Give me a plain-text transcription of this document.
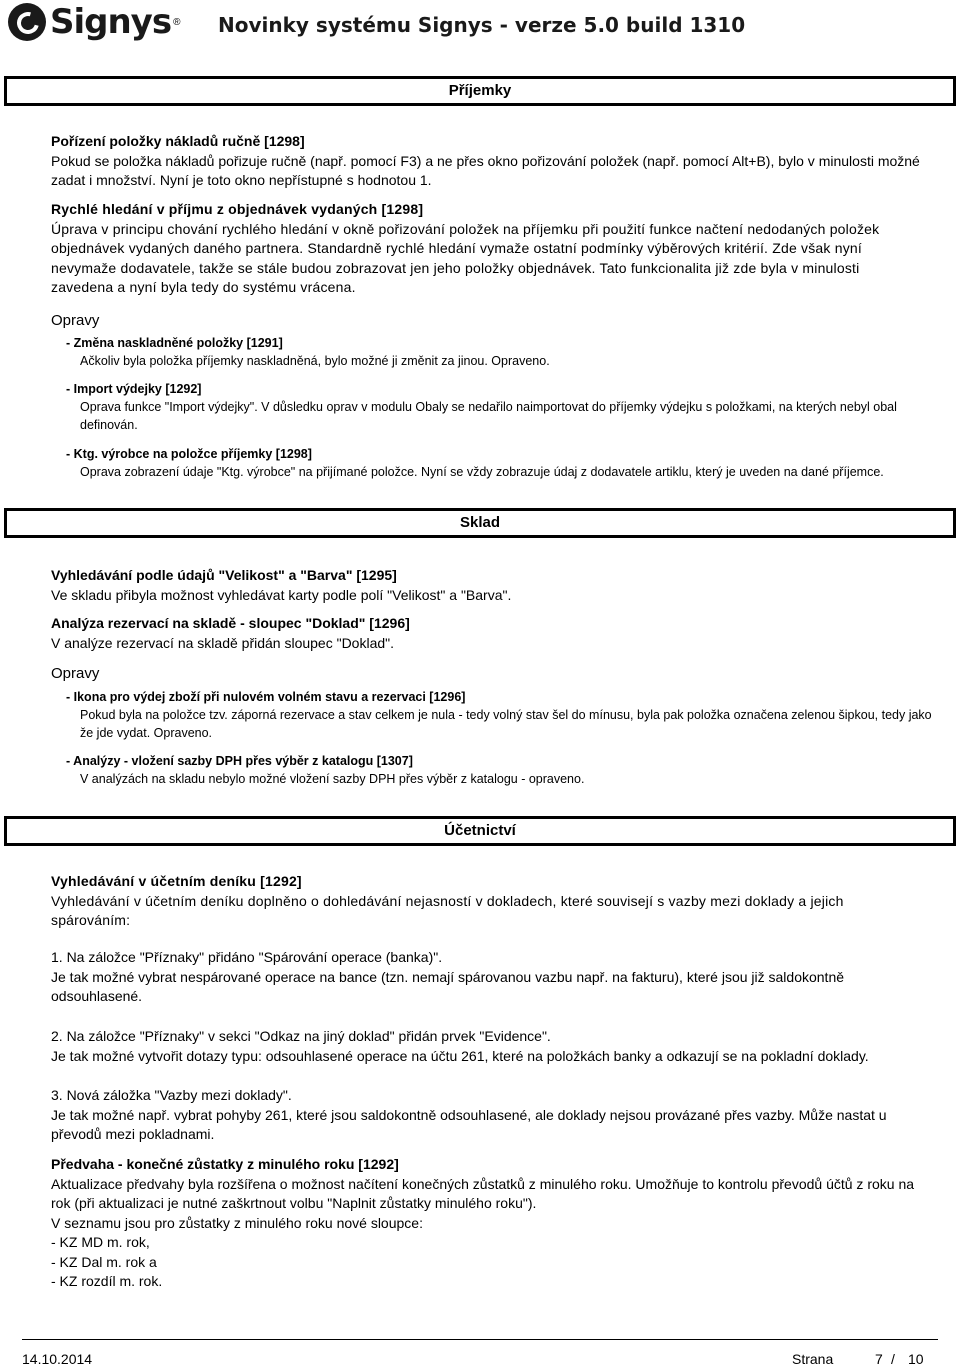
Signys ® Novinky systému Signys - verze 5.0 build 1310
Příjemky
Pořízení položky nákladů ručně [1298]
Pokud se položka nákladů pořizuje ručně (např. pomocí F3) a ne přes okno pořizování položek (např. pomocí Alt+B), bylo v minulosti možné zadat i množství. Nyní je toto okno nepřístupné s hodnotou 1.
Rychlé hledání v příjmu z objednávek vydaných [1298]
Úprava v principu chování rychlého hledání v okně pořizování položek na příjemku při použití funkce načtení nedodaných položek objednávek vydaných daného partnera. Standardně rychlé hledání vymaže ostatní podmínky výběrových kritérií. Zde však nyní nevymaže dodavatele, takže se stále budou zobrazovat jen jeho položky objednávek. Tato funkcionalita již zde byla v minulosti zavedena a nyní byla tedy do systému vrácena.
Opravy
- Změna naskladněné položky [1291]
Ačkoliv byla položka příjemky naskladněná, bylo možné ji změnit za jinou. Opraveno.
- Import výdejky [1292]
Oprava funkce "Import výdejky". V důsledku oprav v modulu Obaly se nedařilo naimportovat do příjemky výdejku s položkami, na kterých nebyl obal definován.
- Ktg. výrobce na položce příjemky [1298]
Oprava zobrazení údaje "Ktg. výrobce" na přijímané položce. Nyní se vždy zobrazuje údaj z dodavatele artiklu, který je uveden na dané příjemce.
Sklad
Vyhledávání podle údajů "Velikost" a "Barva" [1295]
Ve skladu přibyla možnost vyhledávat karty podle polí "Velikost" a "Barva".
Analýza rezervací na skladě - sloupec "Doklad" [1296]
V analýze rezervací na skladě přidán sloupec "Doklad".
Opravy
- Ikona pro výdej zboží při nulovém volném stavu a rezervaci [1296]
Pokud byla na položce tzv. záporná rezervace a stav celkem je nula - tedy volný stav šel do mínusu, byla pak položka označena zelenou šipkou, tedy jako že jde vydat. Opraveno.
- Analýzy - vložení sazby DPH přes výběr z katalogu [1307]
V analýzách na skladu nebylo možné vložení sazby DPH přes výběr z katalogu - opraveno.
Účetnictví
Vyhledávání v účetním deníku [1292]
Vyhledávání v účetním deníku doplněno o dohledávání nejasností v dokladech, které souvisejí s vazby mezi doklady a jejich spárováním:
1. Na záložce "Příznaky" přidáno "Spárování operace (banka)".
Je tak možné vybrat nespárované operace na bance (tzn. nemají spárovanou vazbu např. na fakturu), které jsou již saldokontně odsouhlasené.
2. Na záložce "Příznaky" v sekci "Odkaz na jiný doklad" přidán prvek "Evidence".
Je tak možné vytvořit dotazy typu: odsouhlasené operace na účtu 261, které na položkách banky a odkazují se na pokladní doklady.
3. Nová záložka "Vazby mezi doklady".
Je tak možné např. vybrat pohyby 261, které jsou saldokontně odsouhlasené, ale doklady nejsou provázané přes vazby. Může nastat u převodů mezi pokladnami.
Předvaha - konečné zůstatky z minulého roku [1292]
Aktualizace předvahy byla rozšířena o možnost načítení konečných zůstatků z minulého roku. Umožňuje to kontrolu převodů účtů z roku na rok (při aktualizaci je nutné zaškrtnout volbu "Naplnit zůstatky minulého roku").
V seznamu jsou pro zůstatky z minulého roku nové sloupce:
- KZ MD m. rok,
- KZ Dal m. rok a
- KZ rozdíl m. rok.
14.10.2014	Strana	7 / 10
